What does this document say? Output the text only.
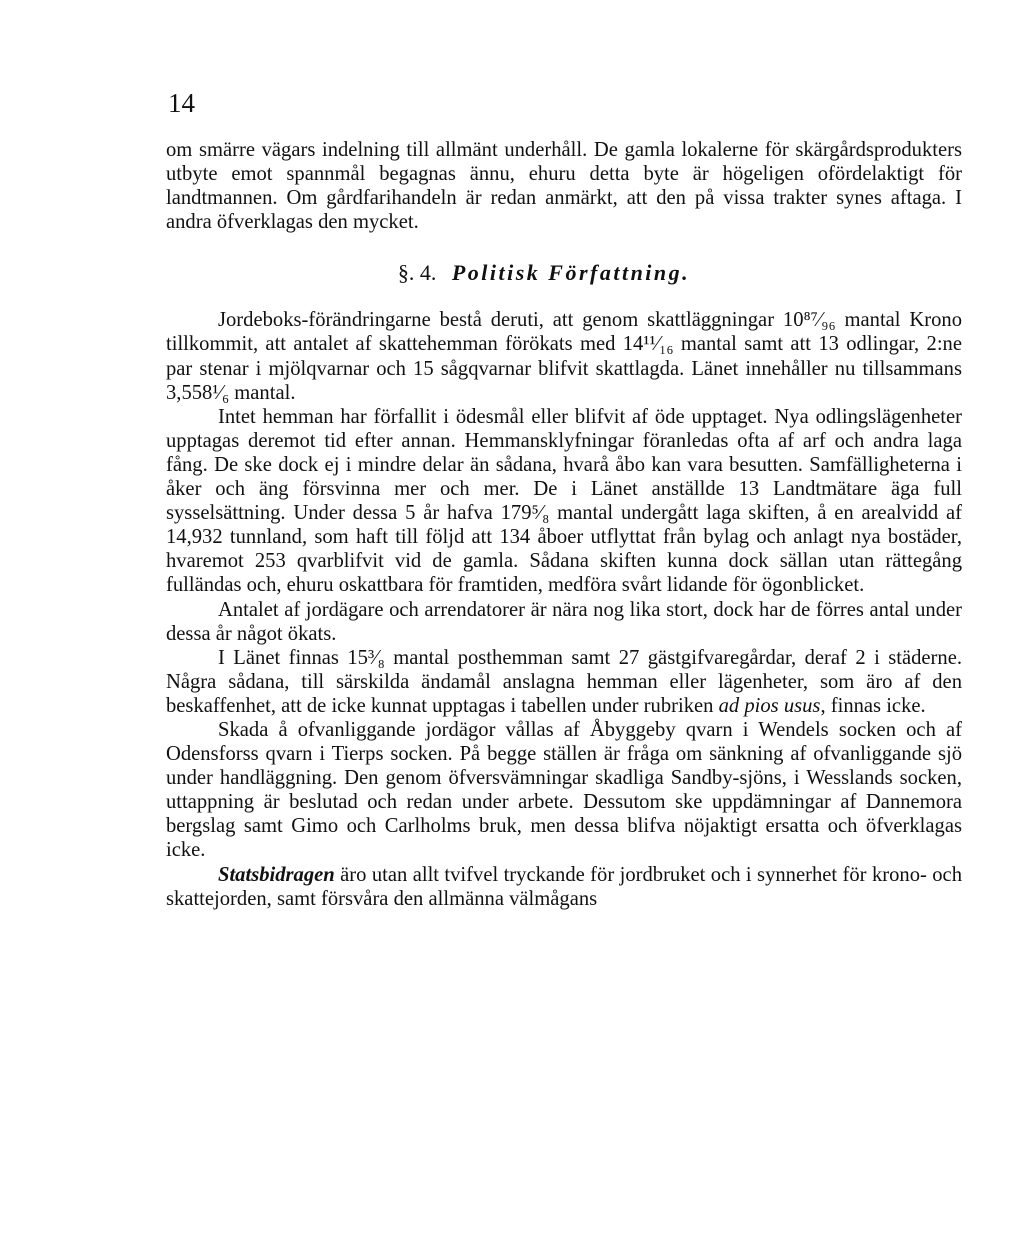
14

om smärre vägars indelning till allmänt underhåll. De gamla lokalerne för skärgårdsprodukters utbyte emot spannmål begagnas ännu, ehuru detta byte är högeligen ofördelaktigt för landtmannen. Om gårdfarihandeln är redan anmärkt, att den på vissa trakter synes aftaga. I andra öfverklagas den mycket.

§. 4. Politisk Författning.

Jordeboks-förändringarne bestå deruti, att genom skattläggningar 10⁸⁷⁄₉₆ mantal Krono tillkommit, att antalet af skattehemman förökats med 14¹¹⁄₁₆ mantal samt att 13 odlingar, 2:ne par stenar i mjölqvarnar och 15 sågqvarnar blifvit skattlagda. Länet innehåller nu tillsammans 3,558¹⁄₆ mantal.

Intet hemman har förfallit i ödesmål eller blifvit af öde upptaget. Nya odlingslägenheter upptagas deremot tid efter annan. Hemmansklyfningar föranledas ofta af arf och andra laga fång. De ske dock ej i mindre delar än sådana, hvarå åbo kan vara besutten. Samfälligheterna i åker och äng försvinna mer och mer. De i Länet anställde 13 Landtmätare äga full sysselsättning. Under dessa 5 år hafva 179⁵⁄₈ mantal undergått laga skiften, å en arealvidd af 14,932 tunnland, som haft till följd att 134 åboer utflyttat från bylag och anlagt nya bostäder, hvaremot 253 qvarblifvit vid de gamla. Sådana skiften kunna dock sällan utan rättegång fulländas och, ehuru oskattbara för framtiden, medföra svårt lidande för ögonblicket.

Antalet af jordägare och arrendatorer är nära nog lika stort, dock har de förres antal under dessa år något ökats.

I Länet finnas 15³⁄₈ mantal posthemman samt 27 gästgifvaregårdar, deraf 2 i städerne. Några sådana, till särskilda ändamål anslagna hemman eller lägenheter, som äro af den beskaffenhet, att de icke kunnat upptagas i tabellen under rubriken ad pios usus, finnas icke.

Skada å ofvanliggande jordägor vållas af Åbyggeby qvarn i Wendels socken och af Odensforss qvarn i Tierps socken. På begge ställen är fråga om sänkning af ofvanliggande sjö under handläggning. Den genom öfversvämningar skadliga Sandby-sjöns, i Wesslands socken, uttappning är beslutad och redan under arbete. Dessutom ske uppdämningar af Dannemora bergslag samt Gimo och Carlholms bruk, men dessa blifva nöjaktigt ersatta och öfverklagas icke.

Statsbidragen äro utan allt tvifvel tryckande för jordbruket och i synnerhet för krono- och skattejorden, samt försvåra den allmänna välmågans
